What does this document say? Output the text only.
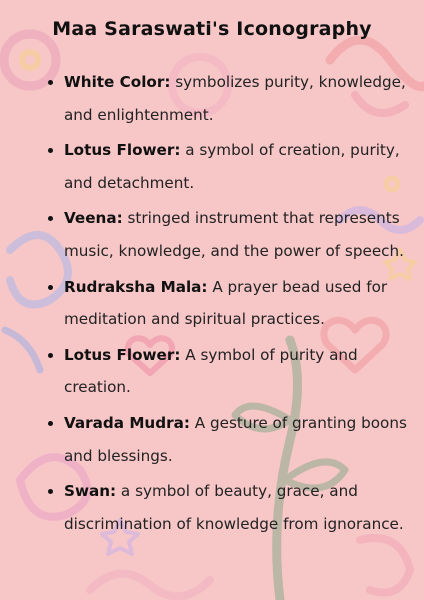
Maa Saraswati's Iconography
• White Color: symbolizes purity, knowledge, and enlightenment.
• Lotus Flower: a symbol of creation, purity, and detachment.
• Veena: stringed instrument that represents music, knowledge, and the power of speech.
• Rudraksha Mala: A prayer bead used for meditation and spiritual practices.
• Lotus Flower: A symbol of purity and creation.
• Varada Mudra: A gesture of granting boons and blessings.
• Swan: a symbol of beauty, grace, and discrimination of knowledge from ignorance.
